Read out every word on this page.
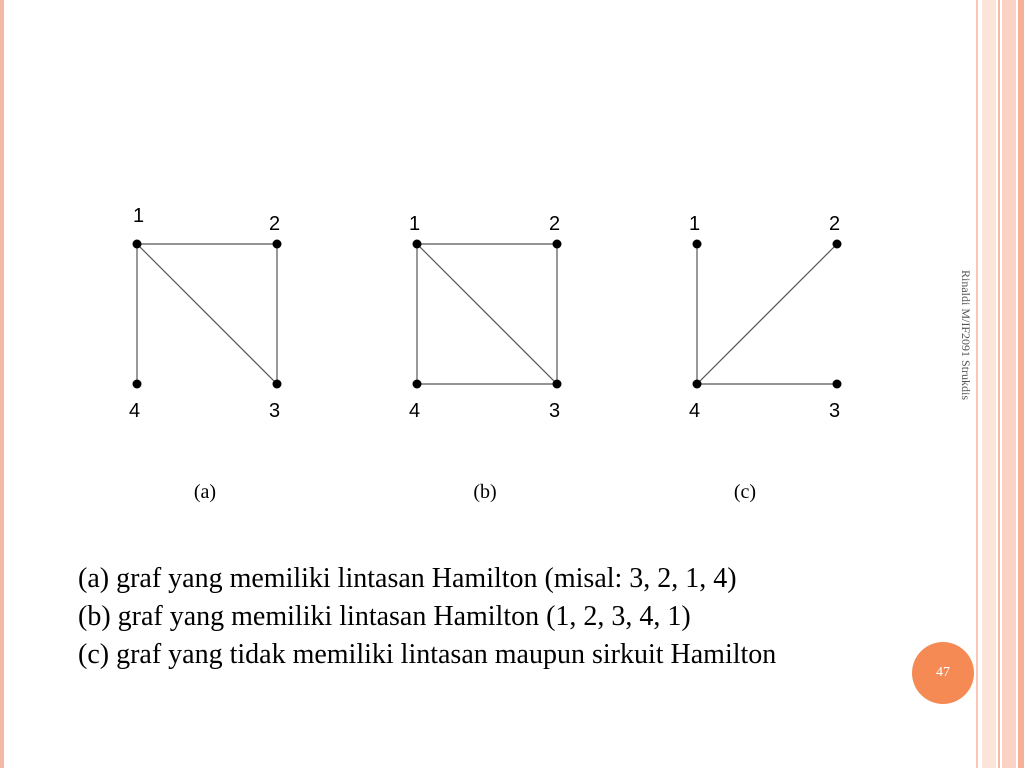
1	2
3
4
(a)
1	2
3
4
(b)
1	2
3
4
(c)
Rinaldi M/IF2091 Strukdis
47
(a) graf yang memiliki lintasan Hamilton (misal: 3, 2, 1, 4)
(b) graf yang memiliki lintasan Hamilton (1, 2, 3, 4, 1)
(c) graf yang tidak memiliki lintasan maupun sirkuit Hamilton
